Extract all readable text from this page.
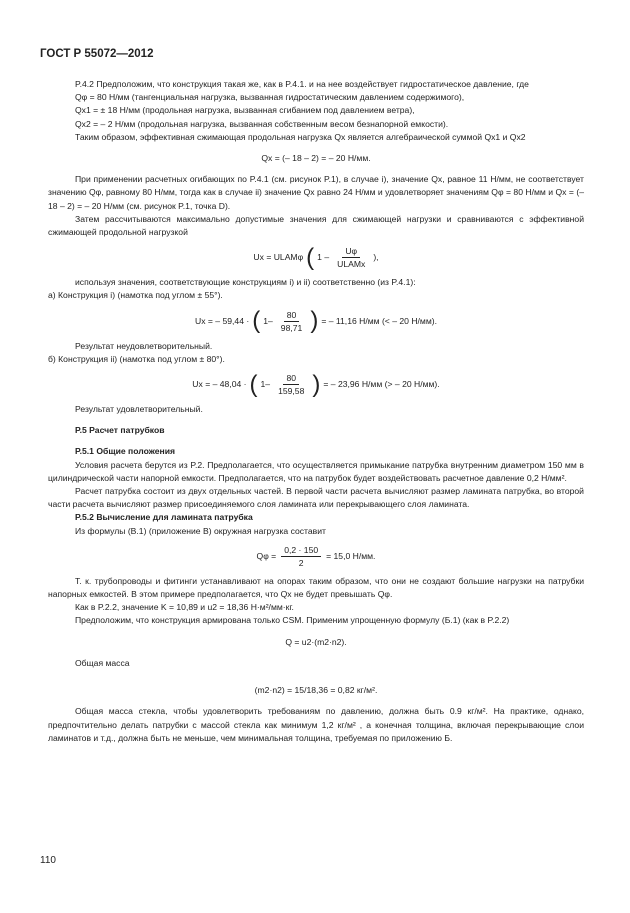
ГОСТ Р 55072—2012

P.4.2 Предположим, что конструкция такая же, как в P.4.1. и на нее воздействует гидростатическое давление, где

Qφ = 80 Н/мм (тангенциальная нагрузка, вызванная гидростатическим давлением содержимого),

Qx1 = ± 18 Н/мм (продольная нагрузка, вызванная сгибанием под давлением ветра),

Qx2 = – 2 Н/мм (продольная нагрузка, вызванная собственным весом безнапорной емкости).

Таким образом, эффективная сжимающая продольная нагрузка Qx является алгебраической суммой Qx1 и Qx2

Qx = (– 18 – 2) = – 20 Н/мм.

При применении расчетных огибающих по P.4.1 (см. рисунок P.1), в случае i), значение Qx, равное 11 Н/мм, не соответствует значению Qφ, равному 80 Н/мм, тогда как в случае ii) значение Qx равно 24 Н/мм и удовлетворяет значениям Qφ = 80 Н/мм и Qx = (– 18 – 2) = – 20 Н/мм (см. рисунок P.1, точка D).

Затем рассчитываются максимально допустимые значения для сжимающей нагрузки и сравниваются с эффективной сжимающей продольной нагрузкой

Ux = ULAMφ ( $1 - \frac{U\varphi}{\text{ULAMx}}$ ),

используя значения, соответствующие конструкциям i) и ii) соответственно (из P.4.1):

а) Конструкция i) (намотка под углом ± 55°).

Ux = – 59,44 · ( $1- \frac{80}{98,71}$ ) = – 11,16 Н/мм (< – 20 Н/мм).

Результат неудовлетворительный.

б) Конструкция ii) (намотка под углом ± 80°).

Ux = – 48,04 · ( $1- \frac{80}{159,58}$ ) = – 23,96 Н/мм (> – 20 Н/мм).

Результат удовлетворительный.

P.5 Расчет патрубков

P.5.1 Общие положения

Условия расчета берутся из P.2. Предполагается, что осуществляется примыкание патрубка внутренним диаметром 150 мм в цилиндрической части напорной емкости. Предполагается, что на патрубок будет воздействовать расчетное давление 0,2 Н/мм².

Расчет патрубка состоит из двух отдельных частей. В первой части расчета вычисляют размер ламината патрубка, во второй части расчета вычисляют размер присоединяемого слоя ламината или перекрывающего слоя ламината.

P.5.2 Вычисление для ламината патрубка

Из формулы (В.1) (приложение В) окружная нагрузка составит

$Q\varphi = \frac{0,2 \cdot 150}{2} = 15,0$ Н/мм.

Т. к. трубопроводы и фитинги устанавливают на опорах таким образом, что они не создают большие нагрузки на патрубки напорных емкостей. В этом примере предполагается, что Qx не будет превышать Qφ.

Как в P.2.2, значение K = 10,89 и u2 = 18,36 Н·м²/мм·кг.

Предположим, что конструкция армирована только CSM. Применим упрощенную формулу (Б.1) (как в P.2.2)

Q = u2·(m2·n2).

Общая масса

(m2·n2) = 15/18,36 = 0,82 кг/м².

Общая масса стекла, чтобы удовлетворить требованиям по давлению, должна быть 0.9 кг/м². На практике, однако, предпочтительно делать патрубки с массой стекла как минимум 1,2 кг/м² , а конечная толщина, включая перекрывающие слои ламинатов и т.д., должна быть не меньше, чем минимальная толщина, требуемая по приложению Б.

110
